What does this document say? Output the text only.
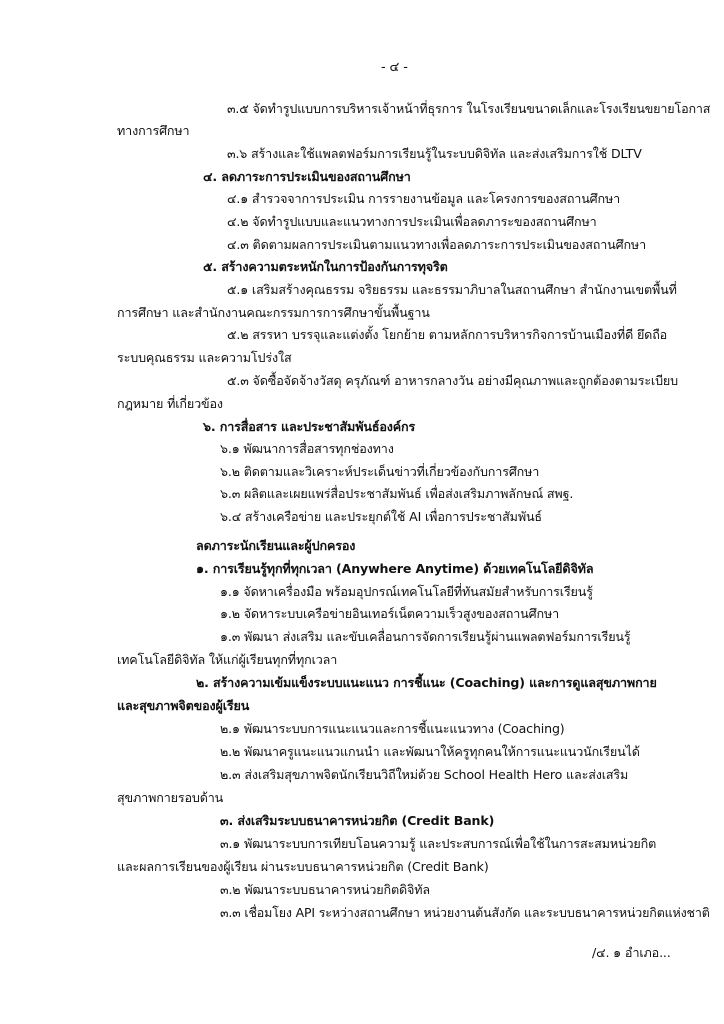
- ๔ -
๓.๕ จัดทำรูปแบบการบริหารเจ้าหน้าที่ธุรการ ในโรงเรียนขนาดเล็กและโรงเรียนขยายโอกาส
ทางการศึกษา
๓.๖ สร้างและใช้แพลตฟอร์มการเรียนรู้ในระบบดิจิทัล และส่งเสริมการใช้ DLTV
๔. ลดภาระการประเมินของสถานศึกษา
๔.๑ สำรวจจาการประเมิน การรายงานข้อมูล และโครงการของสถานศึกษา
๔.๒ จัดทำรูปแบบและแนวทางการประเมินเพื่อลดภาระของสถานศึกษา
๔.๓ ติดตามผลการประเมินตามแนวทางเพื่อลดภาระการประเมินของสถานศึกษา
๕. สร้างความตระหนักในการป้องกันการทุจริต
๕.๑ เสริมสร้างคุณธรรม จริยธรรม และธรรมาภิบาลในสถานศึกษา สำนักงานเขตพื้นที่
การศึกษา และสำนักงานคณะกรรมการการศึกษาขั้นพื้นฐาน
๕.๒ สรรหา บรรจุและแต่งตั้ง โยกย้าย ตามหลักการบริหารกิจการบ้านเมืองที่ดี ยึดถือ
ระบบคุณธรรม และความโปร่งใส
๕.๓ จัดซื้อจัดจ้างวัสดุ ครุภัณฑ์ อาหารกลางวัน อย่างมีคุณภาพและถูกต้องตามระเบียบ
กฎหมาย ที่เกี่ยวข้อง
๖. การสื่อสาร และประชาสัมพันธ์องค์กร
๖.๑ พัฒนาการสื่อสารทุกช่องทาง
๖.๒ ติดตามและวิเคราะห์ประเด็นข่าวที่เกี่ยวข้องกับการศึกษา
๖.๓ ผลิตและเผยแพร่สื่อประชาสัมพันธ์ เพื่อส่งเสริมภาพลักษณ์ สพฐ.
๖.๔ สร้างเครือข่าย และประยุกต์ใช้ AI เพื่อการประชาสัมพันธ์
ลดภาระนักเรียนและผู้ปกครอง
๑. การเรียนรู้ทุกที่ทุกเวลา (Anywhere Anytime) ด้วยเทคโนโลยีดิจิทัล
๑.๑ จัดหาเครื่องมือ พร้อมอุปกรณ์เทคโนโลยีที่ทันสมัยสำหรับการเรียนรู้
๑.๒ จัดหาระบบเครือข่ายอินเทอร์เน็ตความเร็วสูงของสถานศึกษา
๑.๓ พัฒนา ส่งเสริม และขับเคลื่อนการจัดการเรียนรู้ผ่านแพลตฟอร์มการเรียนรู้
เทคโนโลยีดิจิทัล ให้แก่ผู้เรียนทุกที่ทุกเวลา
๒. สร้างความเข้มแข็งระบบแนะแนว การชี้แนะ (Coaching) และการดูแลสุขภาพกาย
และสุขภาพจิตของผู้เรียน
๒.๑ พัฒนาระบบการแนะแนวและการชี้แนะแนวทาง (Coaching)
๒.๒ พัฒนาครูแนะแนวแกนนำ และพัฒนาให้ครูทุกคนให้การแนะแนวนักเรียนได้
๒.๓ ส่งเสริมสุขภาพจิตนักเรียนวิถีใหม่ด้วย School Health Hero และส่งเสริม
สุขภาพกายรอบด้าน
๓. ส่งเสริมระบบธนาคารหน่วยกิต (Credit Bank)
๓.๑ พัฒนาระบบการเทียบโอนความรู้ และประสบการณ์เพื่อใช้ในการสะสมหน่วยกิต
และผลการเรียนของผู้เรียน ผ่านระบบธนาคารหน่วยกิต (Credit Bank)
๓.๒ พัฒนาระบบธนาคารหน่วยกิตดิจิทัล
๓.๓ เชื่อมโยง API ระหว่างสถานศึกษา หน่วยงานต้นสังกัด และระบบธนาคารหน่วยกิตแห่งชาติ
/๔. ๑ อำเภอ...
